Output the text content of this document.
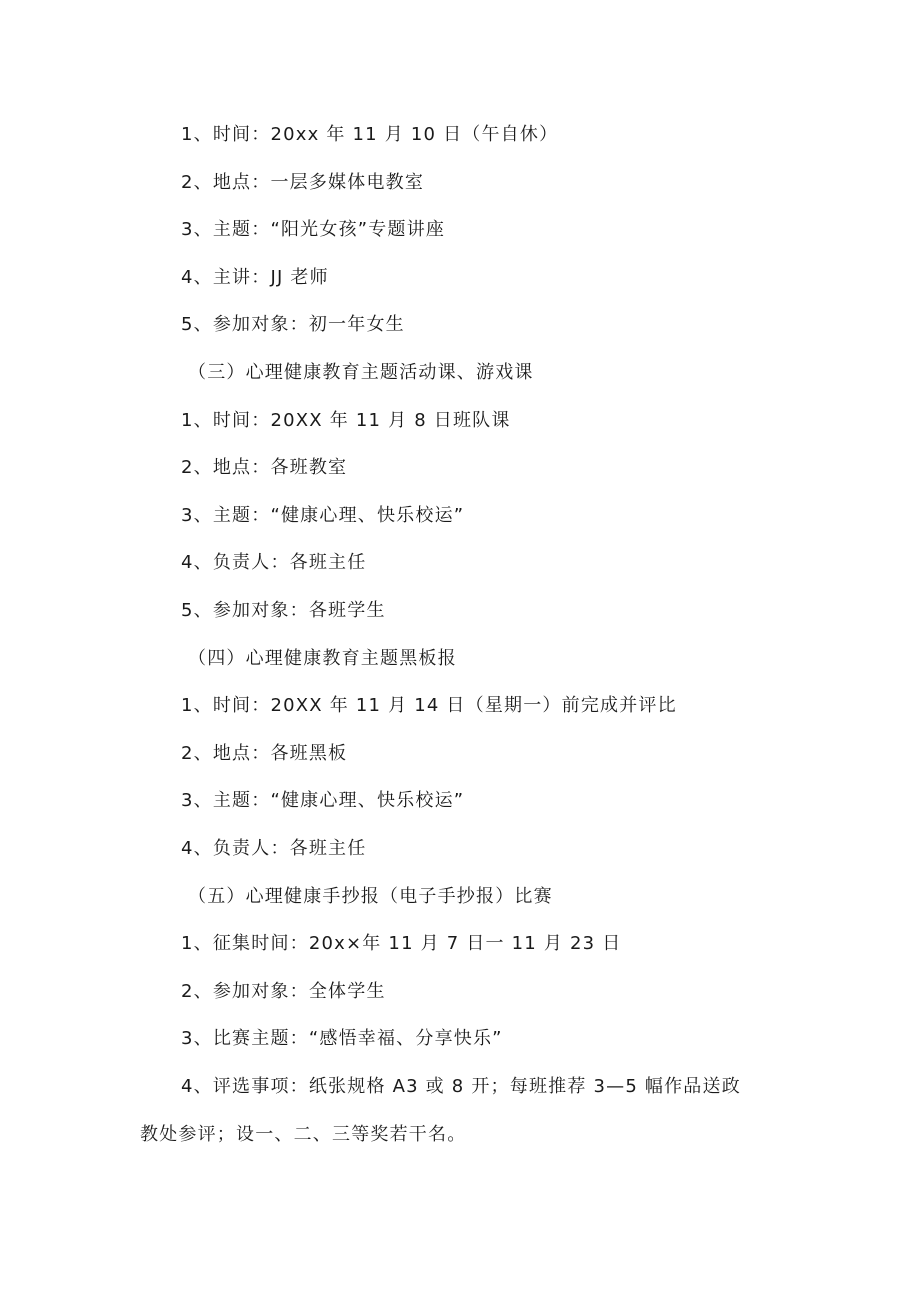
1、时间：20xx 年 11 月 10 日（午自休）
2、地点：一层多媒体电教室
3、主题：“阳光女孩”专题讲座
4、主讲：JJ 老师
5、参加对象：初一年女生
（三）心理健康教育主题活动课、游戏课
1、时间：20XX 年 11 月 8 日班队课
2、地点：各班教室
3、主题：“健康心理、快乐校运”
4、负责人：各班主任
5、参加对象：各班学生
（四）心理健康教育主题黑板报
1、时间：20XX 年 11 月 14 日（星期一）前完成并评比
2、地点：各班黑板
3、主题：“健康心理、快乐校运”
4、负责人：各班主任
（五）心理健康手抄报（电子手抄报）比赛
1、征集时间：20x×年 11 月 7 日一 11 月 23 日
2、参加对象：全体学生
3、比赛主题：“感悟幸福、分享快乐”
4、评选事项：纸张规格 A3 或 8 开；每班推荐 3—5 幅作品送政
教处参评；设一、二、三等奖若干名。
